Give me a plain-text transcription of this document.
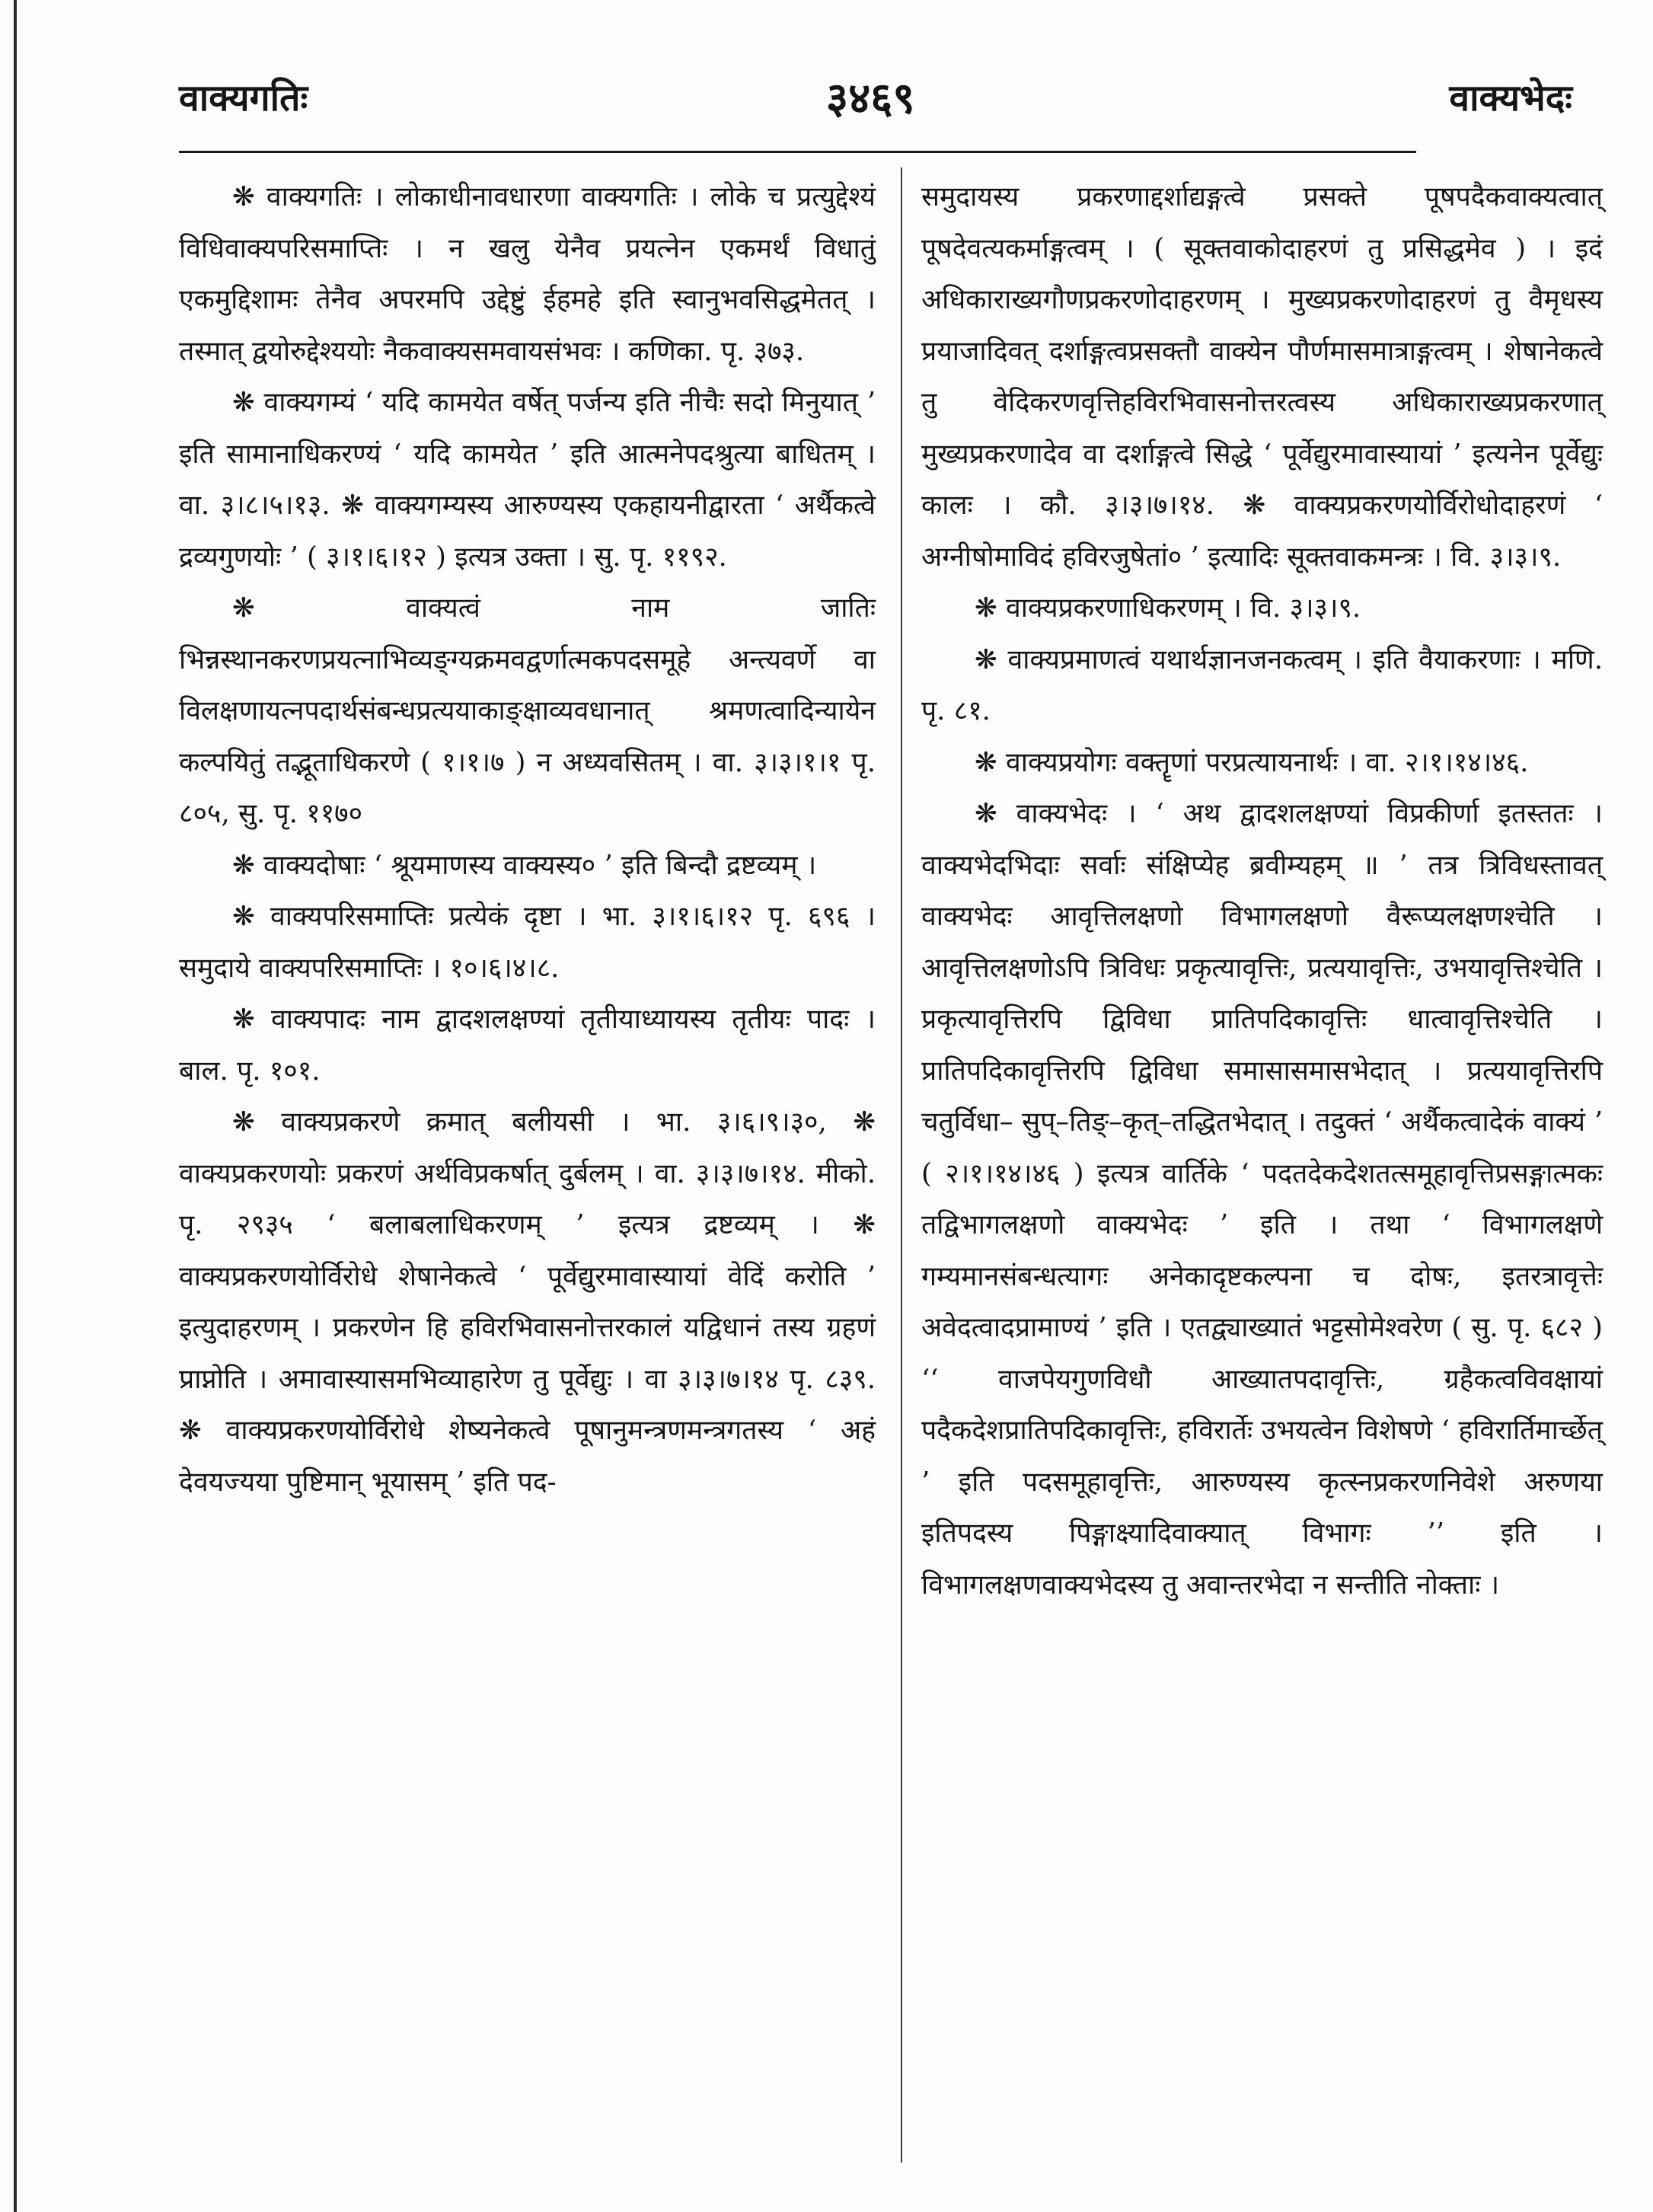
वाक्यगतिः	३४६९	वाक्यभेदः

❋ वाक्यगतिः । लोकाधीनावधारणा वाक्यगतिः । लोके च प्रत्युद्देश्यं विधिवाक्यपरिसमाप्तिः । न खलु येनैव प्रयत्नेन एकमर्थं विधातुं एकमुद्दिशामः तेनैव अपरमपि उद्देष्टुं ईहमहे इति स्वानुभवसिद्धमेतत् । तस्मात् द्वयोरुद्देश्ययोः नैकवाक्यसमवायसंभवः । कणिका. पृ. ३७३.

❋ वाक्यगम्यं ‘ यदि कामयेत वर्षेत् पर्जन्य इति नीचैः सदो मिनुयात् ’ इति सामानाधिकरण्यं ‘ यदि कामयेत ’ इति आत्मनेपदश्रुत्या बाधितम् । वा. ३।८।५।१३. ❋ वाक्यगम्यस्य आरुण्यस्य एकहायनीद्वारता ‘ अर्थैकत्वे द्रव्यगुणयोः ’ ( ३।१।६।१२ ) इत्यत्र उक्ता । सु. पृ. ११९२.

❋ वाक्यत्वं नाम जातिः भिन्नस्थानकरणप्रयत्नाभिव्यङ्ग्यक्रमवद्वर्णात्मकपदसमूहे अन्त्यवर्णे वा विलक्षणायत्नपदार्थसंबन्धप्रत्ययाकाङ्क्षाव्यवधानात् श्रमणत्वादिन्यायेन कल्पयितुं तद्भूताधिकरणे ( १।१।७ ) न अध्यवसितम् । वा. ३।३।१।१ पृ. ८०५, सु. पृ. ११७०

❋ वाक्यदोषाः ‘ श्रूयमाणस्य वाक्यस्य० ’ इति बिन्दौ द्रष्टव्यम् ।

❋ वाक्यपरिसमाप्तिः प्रत्येकं दृष्टा । भा. ३।१।६।१२ पृ. ६९६ । समुदाये वाक्यपरिसमाप्तिः । १०।६।४।८.

❋ वाक्यपादः नाम द्वादशलक्षण्यां तृतीयाध्यायस्य तृतीयः पादः । बाल. पृ. १०१.

❋ वाक्यप्रकरणे क्रमात् बलीयसी । भा. ३।६।९।३०, ❋ वाक्यप्रकरणयोः प्रकरणं अर्थविप्रकर्षात् दुर्बलम् । वा. ३।३।७।१४. मीको. पृ. २९३५ ‘ बलाबलाधिकरणम् ’ इत्यत्र द्रष्टव्यम् । ❋ वाक्यप्रकरणयोर्विरोधे शेषानेकत्वे ‘ पूर्वेद्युरमावास्यायां वेदिं करोति ’ इत्युदाहरणम् । प्रकरणेन हि हविरभिवासनोत्तरकालं यद्विधानं तस्य ग्रहणं प्राप्नोति । अमावास्यासमभिव्याहारेण तु पूर्वेद्युः । वा ३।३।७।१४ पृ. ८३९. ❋ वाक्यप्रकरणयोर्विरोधे शेष्यनेकत्वे पूषानुमन्त्रणमन्त्रगतस्य ‘ अहं देवयज्यया पुष्टिमान् भूयासम् ’ इति पद-

समुदायस्य प्रकरणाद्दर्शाद्यङ्गत्वे प्रसक्ते पूषपदैकवाक्यत्वात् पूषदेवत्यकर्माङ्गत्वम् । ( सूक्तवाकोदाहरणं तु प्रसिद्धमेव ) । इदं अधिकाराख्यगौणप्रकरणोदाहरणम् । मुख्यप्रकरणोदाहरणं तु वैमृधस्य प्रयाजादिवत् दर्शाङ्गत्वप्रसक्तौ वाक्येन पौर्णमासमात्राङ्गत्वम् । शेषानेकत्वे तु वेदिकरणवृत्तिहविरभिवासनोत्तरत्वस्य अधिकाराख्यप्रकरणात् मुख्यप्रकरणादेव वा दर्शाङ्गत्वे सिद्धे ‘ पूर्वेद्युरमावास्यायां ’ इत्यनेन पूर्वेद्युः कालः । कौ. ३।३।७।१४. ❋ वाक्यप्रकरणयोर्विरोधोदाहरणं ‘ अग्नीषोमाविदं हविरजुषेतां० ’ इत्यादिः सूक्तवाकमन्त्रः । वि. ३।३।९.

❋ वाक्यप्रकरणाधिकरणम् । वि. ३।३।९.

❋ वाक्यप्रमाणत्वं यथार्थज्ञानजनकत्वम् । इति वैयाकरणाः । मणि. पृ. ८१.

❋ वाक्यप्रयोगः वक्तॄणां परप्रत्यायनार्थः । वा. २।१।१४।४६.

❋ वाक्यभेदः । ‘ अथ द्वादशलक्षण्यां विप्रकीर्णा इतस्ततः । वाक्यभेदभिदाः सर्वाः संक्षिप्येह ब्रवीम्यहम् ॥ ’ तत्र त्रिविधस्तावत् वाक्यभेदः आवृत्तिलक्षणो विभागलक्षणो वैरूप्यलक्षणश्चेति । आवृत्तिलक्षणोऽपि त्रिविधः प्रकृत्यावृत्तिः, प्रत्ययावृत्तिः, उभयावृत्तिश्चेति । प्रकृत्यावृत्तिरपि द्विविधा प्रातिपदिकावृत्तिः धात्वावृत्तिश्चेति । प्रातिपदिकावृत्तिरपि द्विविधा समासासमासभेदात् । प्रत्ययावृत्तिरपि चतुर्विधा– सुप्–तिङ्–कृत्–तद्धितभेदात् । तदुक्तं ‘ अर्थैकत्वादेकं वाक्यं ’ ( २।१।१४।४६ ) इत्यत्र वार्तिके ‘ पदतदेकदेशतत्समूहावृत्तिप्रसङ्गात्मकः तद्विभागलक्षणो वाक्यभेदः ’ इति । तथा ‘ विभागलक्षणे गम्यमानसंबन्धत्यागः अनेकादृष्टकल्पना च दोषः, इतरत्रावृत्तेः अवेदत्वादप्रामाण्यं ’ इति । एतद्व्याख्यातं भट्टसोमेश्वरेण ( सु. पृ. ६८२ ) ‘‘ वाजपेयगुणविधौ आख्यातपदावृत्तिः, ग्रहैकत्वविवक्षायां पदैकदेशप्रातिपदिकावृत्तिः, हविरार्तेः उभयत्वेन विशेषणे ‘ हविरार्तिमार्च्छेत् ’ इति पदसमूहावृत्तिः, आरुण्यस्य कृत्स्नप्रकरणनिवेशे अरुणया इतिपदस्य पिङ्गाक्ष्यादिवाक्यात् विभागः ’’ इति । विभागलक्षणवाक्यभेदस्य तु अवान्तरभेदा न सन्तीति नोक्ताः ।
